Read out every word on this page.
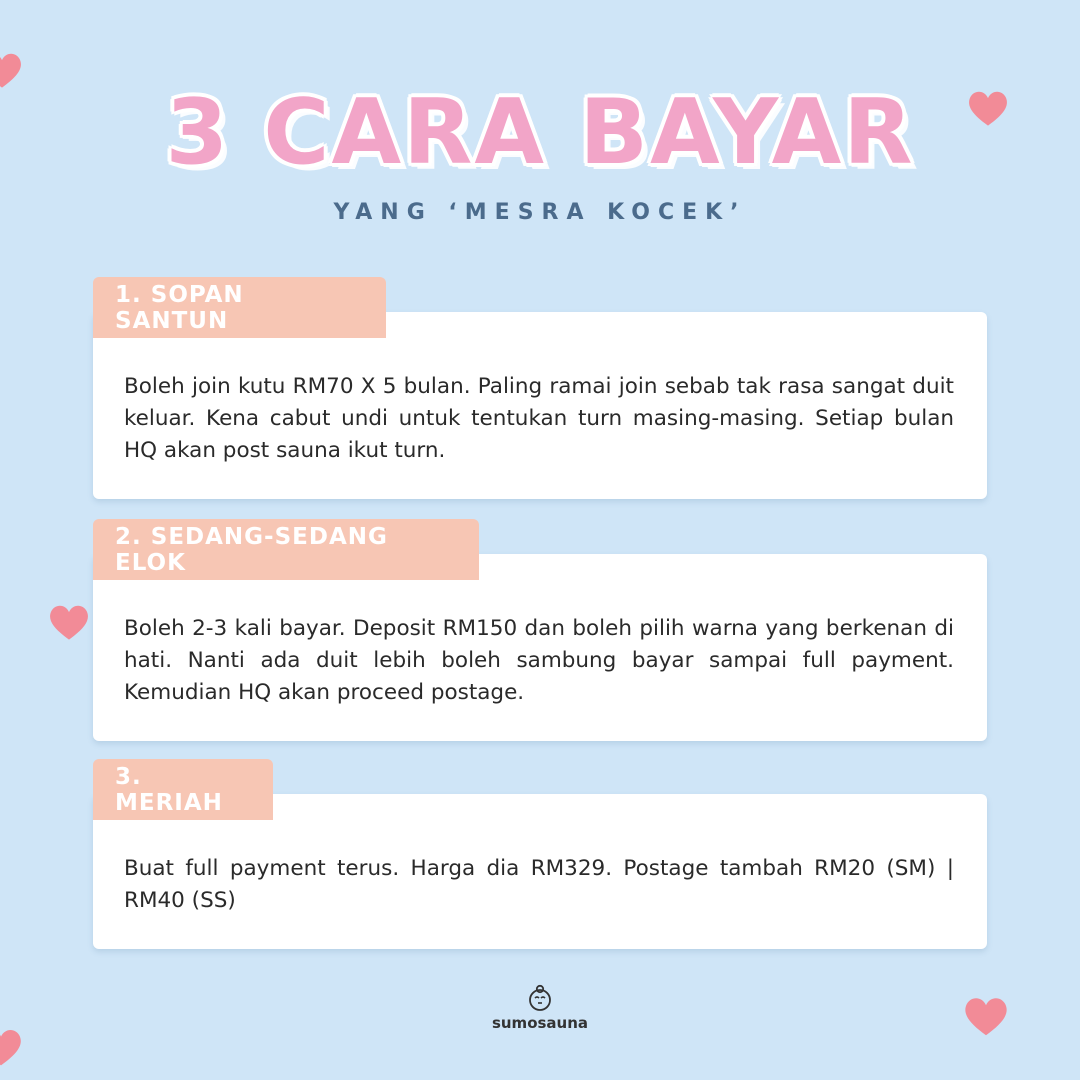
3 CARA BAYAR
YANG ‘MESRA KOCEK’
Boleh join kutu RM70 X 5 bulan. Paling ramai join sebab tak rasa sangat duit keluar. Kena cabut undi untuk tentukan turn masing-masing. Setiap bulan HQ akan post sauna ikut turn.
1. SOPAN SANTUN
Boleh 2-3 kali bayar. Deposit RM150 dan boleh pilih warna yang berkenan di hati. Nanti ada duit lebih boleh sambung bayar sampai full payment. Kemudian HQ akan proceed postage.
2. SEDANG-SEDANG ELOK
Buat full payment terus. Harga dia RM329. Postage tambah RM20 (SM) | RM40 (SS)
3. MERIAH
sumosauna
